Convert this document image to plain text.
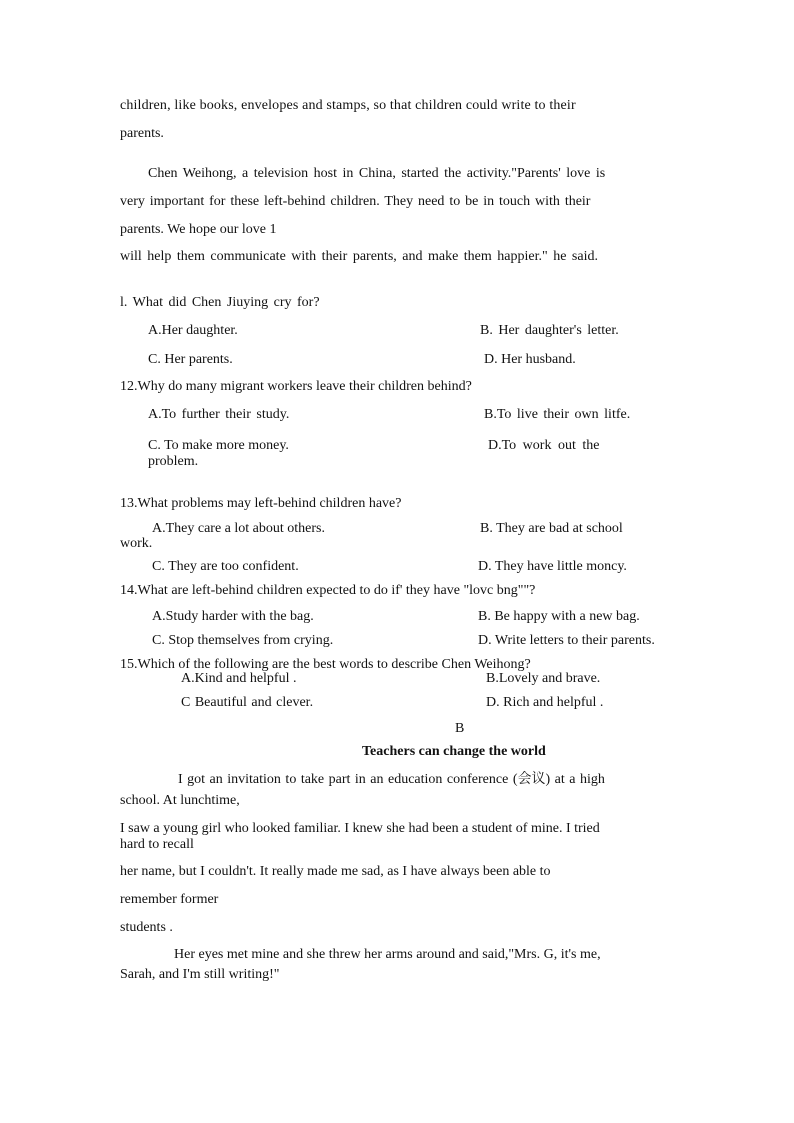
children, like books, envelopes and stamps, so that children could write to their
parents.
Chen Weihong, a television host in China, started the activity."Parents' love is
very important for these left-behind children. They need to be in touch with their
parents. We hope our love 1
will help them communicate with their parents, and make them happier." he said.
l. What did Chen Jiuying cry for?
A.Her daughter.	B. Her daughter's letter.
C. Her parents.	D. Her husband.
12.Why do many migrant workers leave their children behind?
A.To further their study.	B.To live their own litfe.
C. To make more money.	D.To work out the
problem.
13.What problems may left-behind children have?
A.They care a lot about others.	B. They are bad at school
work.
C. They are too confident.	D. They have little moncy.
14.What are left-behind children expected to do if' they have "lovc bng""?
A.Study harder with the bag.	B. Be happy with a new bag.
C. Stop themselves from crying.	D. Write letters to their parents.
15.Which of the following are the best words to describe Chen Weihong?
A.Kind and helpful .	B.Lovely and brave.
C Beautiful and clever.	D. Rich and helpful .
B
Teachers can change the world
I got an invitation to take part in an education conference (会议) at a high
school. At lunchtime,
I saw a young girl who looked familiar. I knew she had been a student of mine. I tried
hard to recall
her name, but I couldn't. It really made me sad, as I have always been able to
remember former
students .
Her eyes met mine and she threw her arms around and said,"Mrs. G, it's me,
Sarah, and I'm still writing!"
